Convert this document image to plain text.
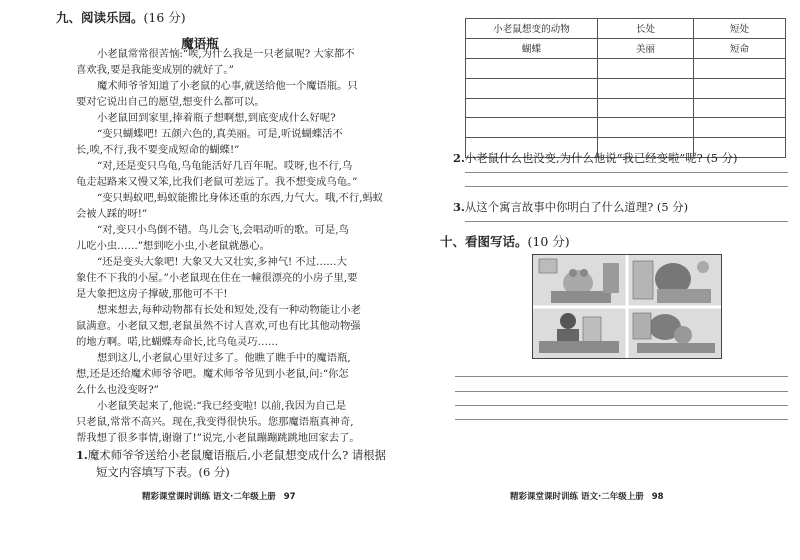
九、阅读乐园。(16 分)
魔语瓶
小老鼠常常很苦恼:“唉,为什么我是一只老鼠呢? 大家都不
喜欢我,要是我能变成别的就好了。”
魔术师爷爷知道了小老鼠的心事,就送给他一个魔语瓶。只
要对它说出自己的愿望,想变什么都可以。
小老鼠回到家里,捧着瓶子想啊想,到底变成什么好呢?
“变只蝴蝶吧! 五颜六色的,真美丽。可是,听说蝴蝶活不
长,唉,不行,我不要变成短命的蝴蝶!”
“对,还是变只乌龟,乌龟能活好几百年呢。哎呀,也不行,乌
龟走起路来又慢又笨,比我们老鼠可差远了。我不想变成乌龟。”
“变只蚂蚁吧,蚂蚁能搬比身体还重的东西,力气大。哦,不行,蚂蚁
会被人踩的呀!”
“对,变只小鸟倒不错。鸟儿会飞,会唱动听的歌。可是,鸟
儿吃小虫……”想到吃小虫,小老鼠就愚心。
“还是变头大象吧! 大象又大又壮实,多神气! 不过……大
象住不下我的小屋。”小老鼠现在住在一幢很漂亮的小房子里,要
是大象把这房子撑破,那他可不干!
想来想去,每种动物都有长处和短处,没有一种动物能让小老
鼠满意。小老鼠又想,老鼠虽然不讨人喜欢,可也有比其他动物强
的地方啊。喏,比蝴蝶寿命长,比乌龟灵巧……
想到这儿,小老鼠心里好过多了。他瞧了瞧手中的魔语瓶,
想,还是还给魔术师爷爷吧。魔术师爷爷见到小老鼠,问:“你怎
么什么也没变呀?”
小老鼠笑起来了,他说:“我已经变啦! 以前,我因为自己是
只老鼠,常常不高兴。现在,我变得很快乐。您那魔语瓶真神奇,
帮我想了很多事情,谢谢了!”说完,小老鼠蹦蹦跳跳地回家去了。
1.魔术师爷爷送给小老鼠魔语瓶后,小老鼠想变成什么? 请根据
短文内容填写下表。(6 分)
精彩课堂课时训练 语文·二年级上册 97
小老鼠想变的动物	长处	短处
蝴蝶	美丽	短命

2.小老鼠什么也没变,为什么他说“我已经变啦”呢? (5 分)
3.从这个寓言故事中你明白了什么道理? (5 分)
十、看图写话。(10 分)
精彩课堂课时训练 语文·二年级上册 98
